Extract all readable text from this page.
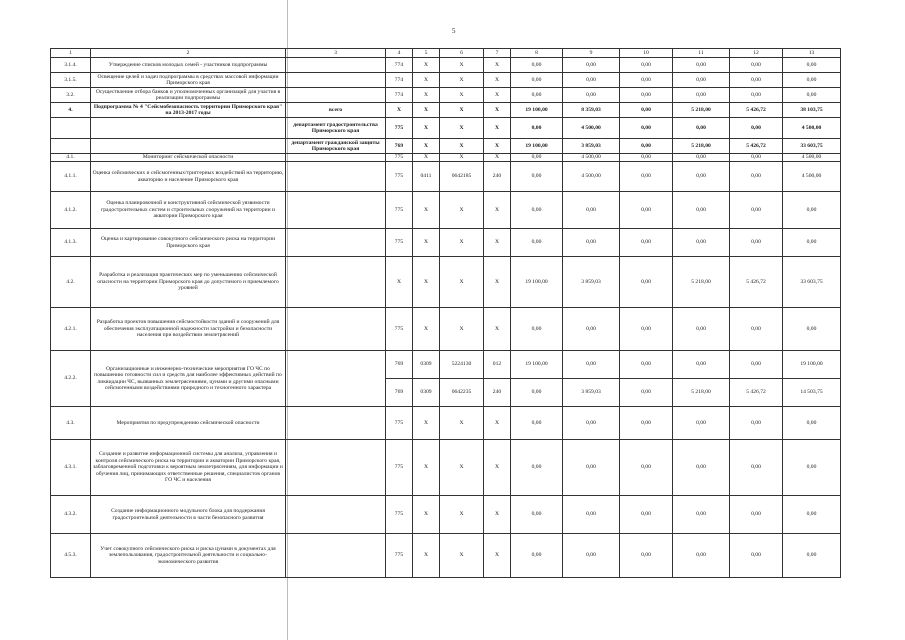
5
1	2	3	4	5	6	7	8	9	10	11	12	13
3.1.4.	Утверждение списков молодых семей - участников подпрограммы		774	X	X	X	0,00	0,00	0,00	0,00	0,00	0,00
3.1.5.	Освещение целей и задач подпрограммы в средствах массовой информации Приморского края		774	X	X	X	0,00	0,00	0,00	0,00	0,00	0,00
3.2.	Осуществление отбора банков и уполномоченных организаций для участия в реализации подпрограммы		774	X	X	X	0,00	0,00	0,00	0,00	0,00	0,00
4.	Подпрограмма № 4 "Сейсмобезопасность территории Приморского края" на 2013-2017 годы	всего	X	X	X	X	19 100,00	8 359,03	0,00	5 218,00	5 426,72	38 103,75
		департамент градостроительства Приморского края	775	X	X	X	0,00	4 500,00	0,00	0,00	0,00	4 500,00
		департамент гражданской защиты Приморского края	769	X	X	X	19 100,00	3 859,03	0,00	5 218,00	5 426,72	33 603,75
4.1.	Мониторинг сейсмической опасности		775	X	X	X	0,00	4 500,00	0,00	0,00	0,00	4 500,00
4.1.1.	Оценка сейсмических и сейсмогенных/триггерных воздействий на территорию, акваторию и население Приморского края		775	0411	0642185	240	0,00	4 500,00	0,00	0,00	0,00	4 500,00
4.1.2.	Оценка планировочной и конструктивной сейсмической уязвимости градостроительных систем и строительных сооружений на территории и акватории Приморского края		775	X	X	X	0,00	0,00	0,00	0,00	0,00	0,00
4.1.3.	Оценка и картирование совокупного сейсмического риска на территории Приморского края		775	X	X	X	0,00	0,00	0,00	0,00	0,00	0,00
4.2.	Разработка и реализация практических мер по уменьшению сейсмической опасности на территории Приморского края до допустимого и приемлемого уровней		X	X	X	X	19 100,00	3 859,03	0,00	5 218,00	5 426,72	33 603,75
4.2.1.	Разработка проектов повышения сейсмостойкости зданий и сооружений для обеспечения эксплуатационной надежности застройки и безопасности населения при воздействии землетрясений		775	X	X	X	0,00	0,00	0,00	0,00	0,00	0,00
4.2.2.	Организационные и инженерно-технические мероприятия ГО ЧС по повышению готовности сил и средств для наиболее эффективных действий по ликвидации ЧС, вызванных землетрясениями, цунами и другими опасными сейсмогенными воздействиями природного и техногенного характера		769	0309	5224130	012	19 100,00	0,00	0,00	0,00	0,00	19 100,00
			769	0309	0642235	240	0,00	3 859,03	0,00	5 218,00	5 426,72	14 503,75
4.3.	Мероприятия по предупреждению сейсмической опасности		775	X	X	X	0,00	0,00	0,00	0,00	0,00	0,00
4.3.1.	Создание и развитие информационной системы для анализа, управления и контроля сейсмического риска на территории и акватории Приморского края, заблаговременной подготовки к вероятным землетрясениям, для информации и обучения лиц, принимающих ответственные решения, специалистов органов ГО ЧС и населения		775	X	X	X	0,00	0,00	0,00	0,00	0,00	0,00
4.3.2.	Создание информационного модульного блока для поддержания градостроительной деятельности в части безопасного развития		775	X	X	X	0,00	0,00	0,00	0,00	0,00	0,00
4.5.3.	Учет совокупного сейсмического риска и риска цунами в документах для землепользования, градостроительной деятельности и социально-экономического развития		775	X	X	X	0,00	0,00	0,00	0,00	0,00	0,00
